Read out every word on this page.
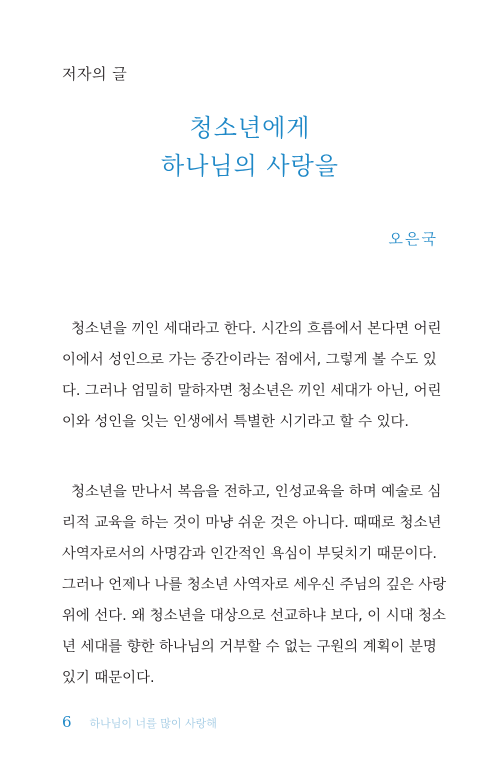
저자의 글
청소년에게
하나님의 사랑을
오은국
청소년을 끼인 세대라고 한다. 시간의 흐름에서 본다면 어린
이에서 성인으로 가는 중간이라는 점에서, 그렇게 볼 수도 있
다. 그러나 엄밀히 말하자면 청소년은 끼인 세대가 아닌, 어린
이와 성인을 잇는 인생에서 특별한 시기라고 할 수 있다.
청소년을 만나서 복음을 전하고, 인성교육을 하며 예술로 심
리적 교육을 하는 것이 마냥 쉬운 것은 아니다. 때때로 청소년
사역자로서의 사명감과 인간적인 욕심이 부딪치기 때문이다.
그러나 언제나 나를 청소년 사역자로 세우신 주님의 깊은 사랑
위에 선다. 왜 청소년을 대상으로 선교하냐 보다, 이 시대 청소
년 세대를 향한 하나님의 거부할 수 없는 구원의 계획이 분명
있기 때문이다.
6 하나님이 너를 많이 사랑해
